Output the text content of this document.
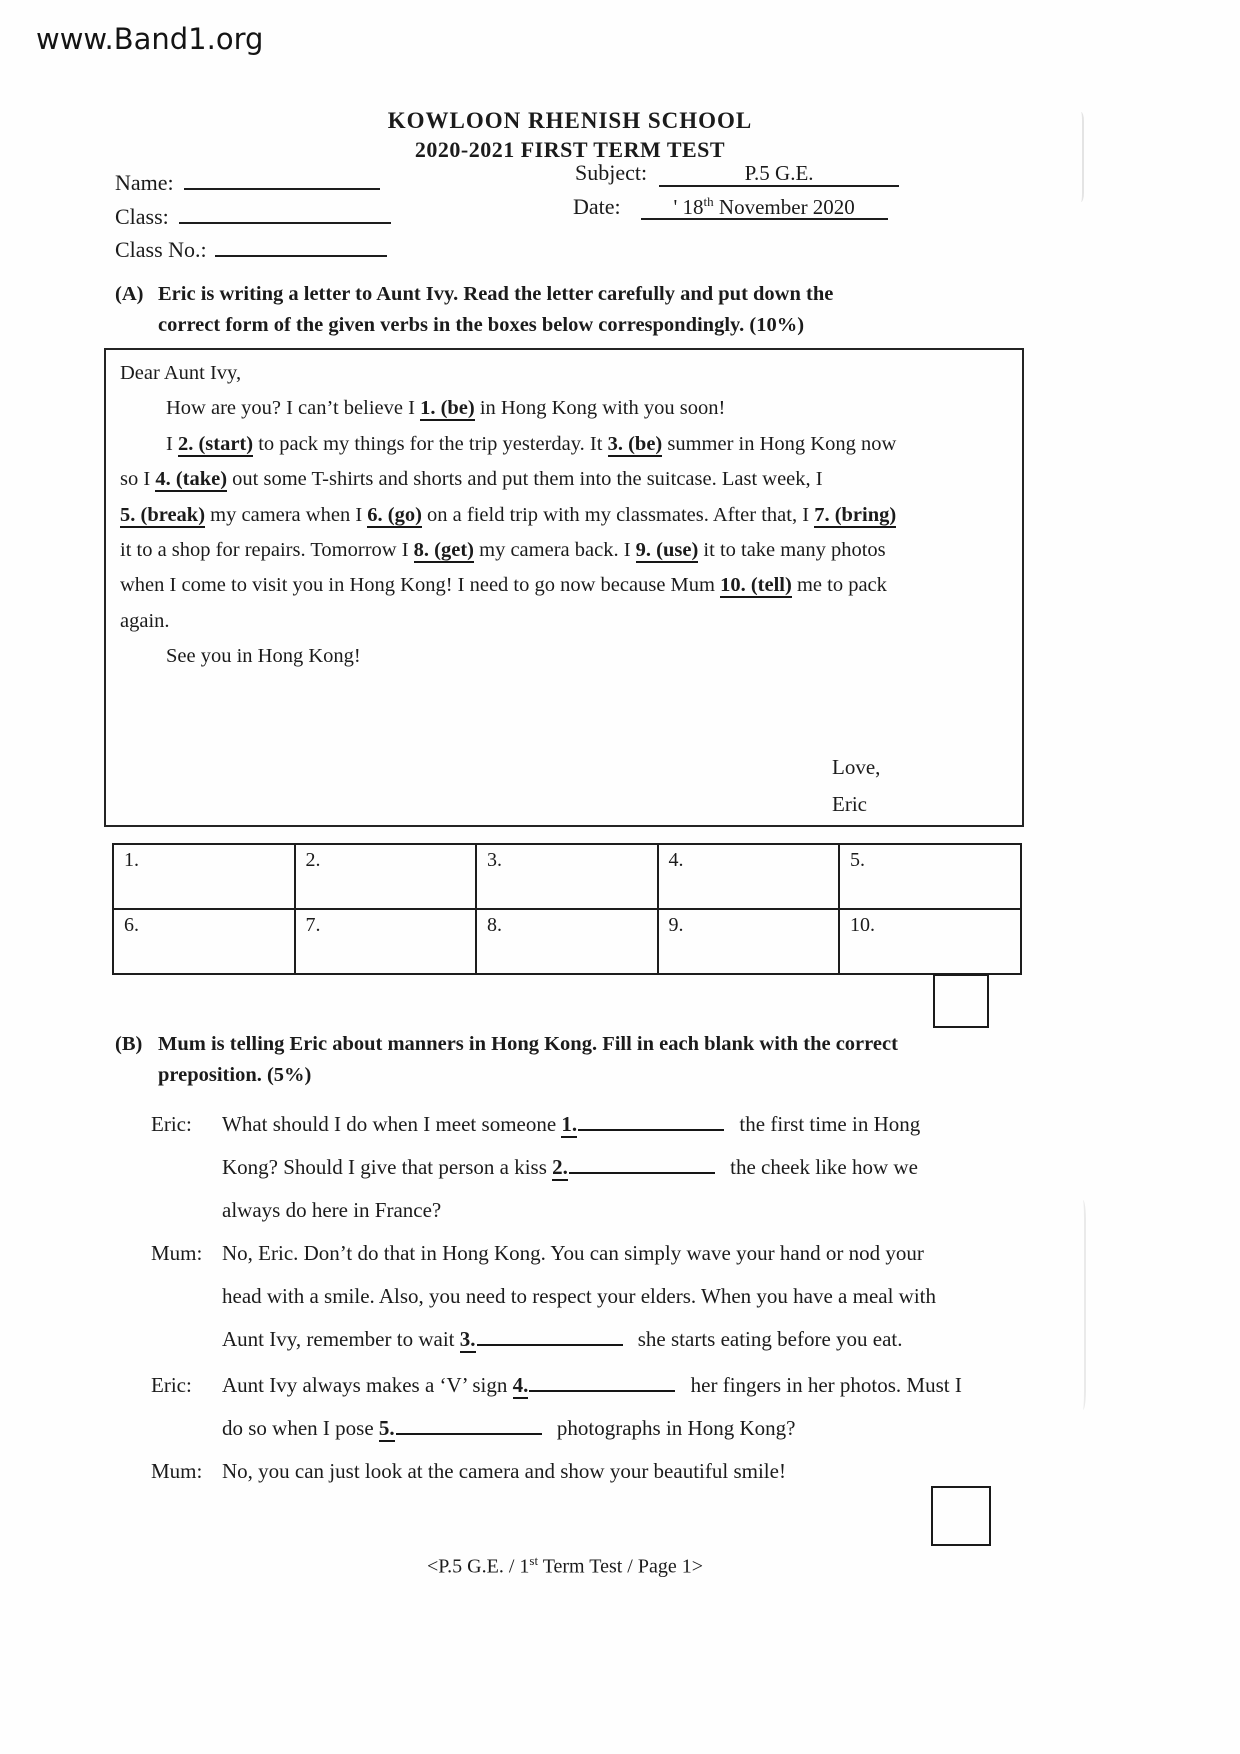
www.Band1.org
KOWLOON RHENISH SCHOOL
2020-2021 FIRST TERM TEST
Name:	Subject:	P.5 G.E.
Class:	Date:	' 18th November 2020
Class No.:
(A) Eric is writing a letter to Aunt Ivy. Read the letter carefully and put down the
correct form of the given verbs in the boxes below correspondingly. (10%)
Dear Aunt Ivy,
How are you? I can’t believe I 1. (be) in Hong Kong with you soon!
I 2. (start) to pack my things for the trip yesterday. It 3. (be) summer in Hong Kong now
so I 4. (take) out some T-shirts and shorts and put them into the suitcase. Last week, I
5. (break) my camera when I 6. (go) on a field trip with my classmates. After that, I 7. (bring)
it to a shop for repairs. Tomorrow I 8. (get) my camera back. I 9. (use) it to take many photos
when I come to visit you in Hong Kong! I need to go now because Mum 10. (tell) me to pack
again.
See you in Hong Kong!
Love,
Eric
1.	2.	3.	4.	5.
6.	7.	8.	9.	10.
(B) Mum is telling Eric about manners in Hong Kong. Fill in each blank with the correct
preposition. (5%)
Eric:	What should I do when I meet someone 1.	the first time in Hong
Kong? Should I give that person a kiss 2.	the cheek like how we
always do here in France?
Mum: No, Eric. Don’t do that in Hong Kong. You can simply wave your hand or nod your
head with a smile. Also, you need to respect your elders. When you have a meal with
Aunt Ivy, remember to wait 3.	she starts eating before you eat.
Eric:	Aunt Ivy always makes a ‘V’ sign 4.	her fingers in her photos. Must I
do so when I pose 5.	photographs in Hong Kong?
Mum: No, you can just look at the camera and show your beautiful smile!
<P.5 G.E. / 1st Term Test / Page 1>
